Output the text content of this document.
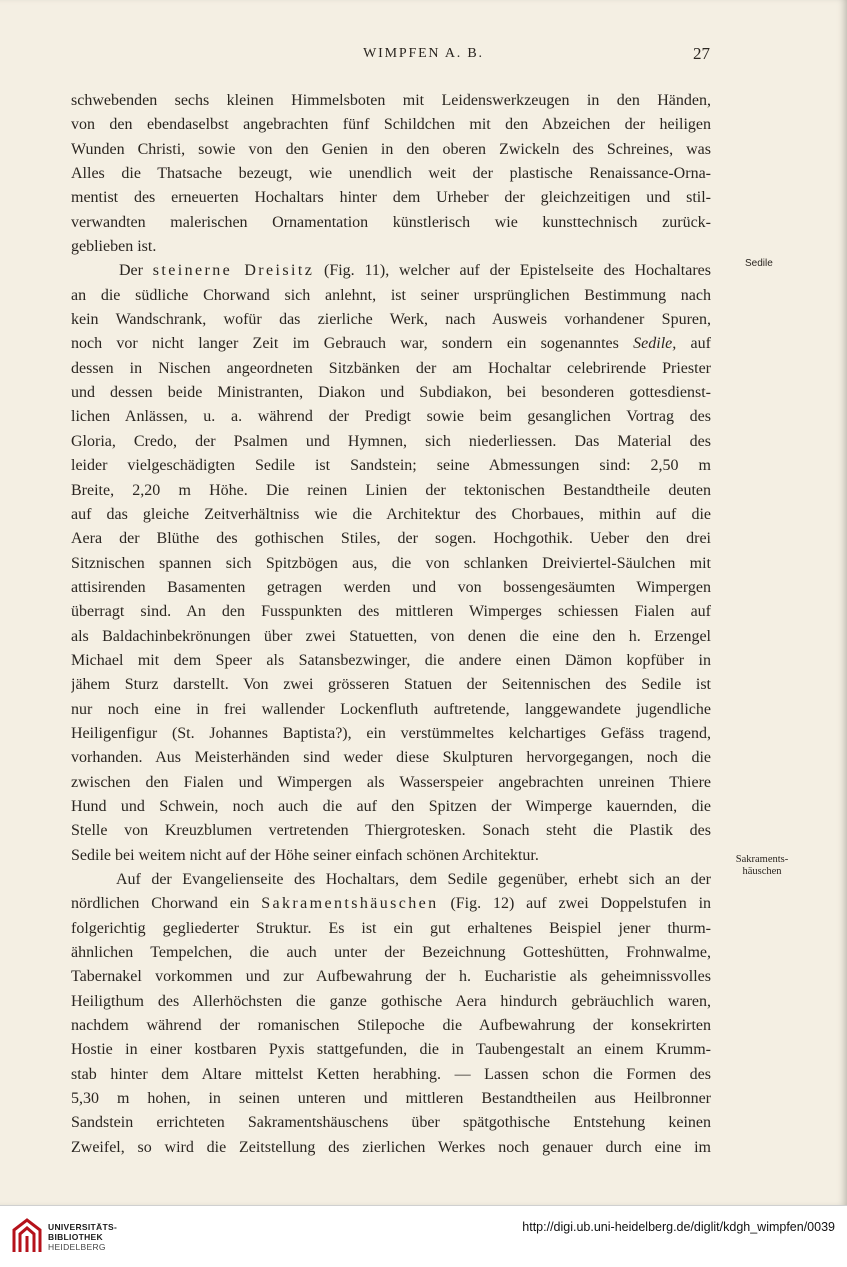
WIMPFEN A. B.	27
schwebenden sechs kleinen Himmelsboten mit Leidenswerkzeugen in den Händen,
von den ebendaselbst angebrachten fünf Schildchen mit den Abzeichen der heiligen
Wunden Christi, sowie von den Genien in den oberen Zwickeln des Schreines, was
Alles die Thatsache bezeugt, wie unendlich weit der plastische Renaissance-Orna-
mentist des erneuerten Hochaltars hinter dem Urheber der gleichzeitigen und stil-
verwandten malerischen Ornamentation künstlerisch wie kunsttechnisch zurück-
geblieben ist.
Der steinerne Dreisitz (Fig. 11), welcher auf der Epistelseite des Hochaltares
an die südliche Chorwand sich anlehnt, ist seiner ursprünglichen Bestimmung nach
kein Wandschrank, wofür das zierliche Werk, nach Ausweis vorhandener Spuren,
noch vor nicht langer Zeit im Gebrauch war, sondern ein sogenanntes Sedile, auf
dessen in Nischen angeordneten Sitzbänken der am Hochaltar celebrirende Priester
und dessen beide Ministranten, Diakon und Subdiakon, bei besonderen gottesdienst-
lichen Anlässen, u. a. während der Predigt sowie beim gesanglichen Vortrag des
Gloria, Credo, der Psalmen und Hymnen, sich niederliessen. Das Material des
leider vielgeschädigten Sedile ist Sandstein; seine Abmessungen sind: 2,50 m
Breite, 2,20 m Höhe. Die reinen Linien der tektonischen Bestandtheile deuten
auf das gleiche Zeitverhältniss wie die Architektur des Chorbaues, mithin auf die
Aera der Blüthe des gothischen Stiles, der sogen. Hochgothik. Ueber den drei
Sitznischen spannen sich Spitzbögen aus, die von schlanken Dreiviertel-Säulchen mit
attisirenden Basamenten getragen werden und von bossengesäumten Wimpergen
überragt sind. An den Fusspunkten des mittleren Wimperges schiessen Fialen auf
als Baldachinbekrönungen über zwei Statuetten, von denen die eine den h. Erzengel
Michael mit dem Speer als Satansbezwinger, die andere einen Dämon kopfüber in
jähem Sturz darstellt. Von zwei grösseren Statuen der Seitennischen des Sedile ist
nur noch eine in frei wallender Lockenfluth auftretende, langgewandete jugendliche
Heiligenfigur (St. Johannes Baptista?), ein verstümmeltes kelchartiges Gefäss tragend,
vorhanden. Aus Meisterhänden sind weder diese Skulpturen hervorgegangen, noch die
zwischen den Fialen und Wimpergen als Wasserspeier angebrachten unreinen Thiere
Hund und Schwein, noch auch die auf den Spitzen der Wimperge kauernden, die
Stelle von Kreuzblumen vertretenden Thiergrotesken. Sonach steht die Plastik des
Sedile bei weitem nicht auf der Höhe seiner einfach schönen Architektur.
Auf der Evangelienseite des Hochaltars, dem Sedile gegenüber, erhebt sich an der
nördlichen Chorwand ein Sakramentshäuschen (Fig. 12) auf zwei Doppelstufen in
folgerichtig gegliederter Struktur. Es ist ein gut erhaltenes Beispiel jener thurm-
ähnlichen Tempelchen, die auch unter der Bezeichnung Gotteshütten, Frohnwalme,
Tabernakel vorkommen und zur Aufbewahrung der h. Eucharistie als geheimnissvolles
Heiligthum des Allerhöchsten die ganze gothische Aera hindurch gebräuchlich waren,
nachdem während der romanischen Stilepoche die Aufbewahrung der konsekrirten
Hostie in einer kostbaren Pyxis stattgefunden, die in Taubengestalt an einem Krumm-
stab hinter dem Altare mittelst Ketten herabhing. — Lassen schon die Formen des
5,30 m hohen, in seinen unteren und mittleren Bestandtheilen aus Heilbronner
Sandstein errichteten Sakramentshäuschens über spätgothische Entstehung keinen
Zweifel, so wird die Zeitstellung des zierlichen Werkes noch genauer durch eine im
Sedile
Sakraments-
häuschen
UNIVERSITÄTS-
BIBLIOTHEK
HEIDELBERG
http://digi.ub.uni-heidelberg.de/diglit/kdgh_wimpfen/0039
